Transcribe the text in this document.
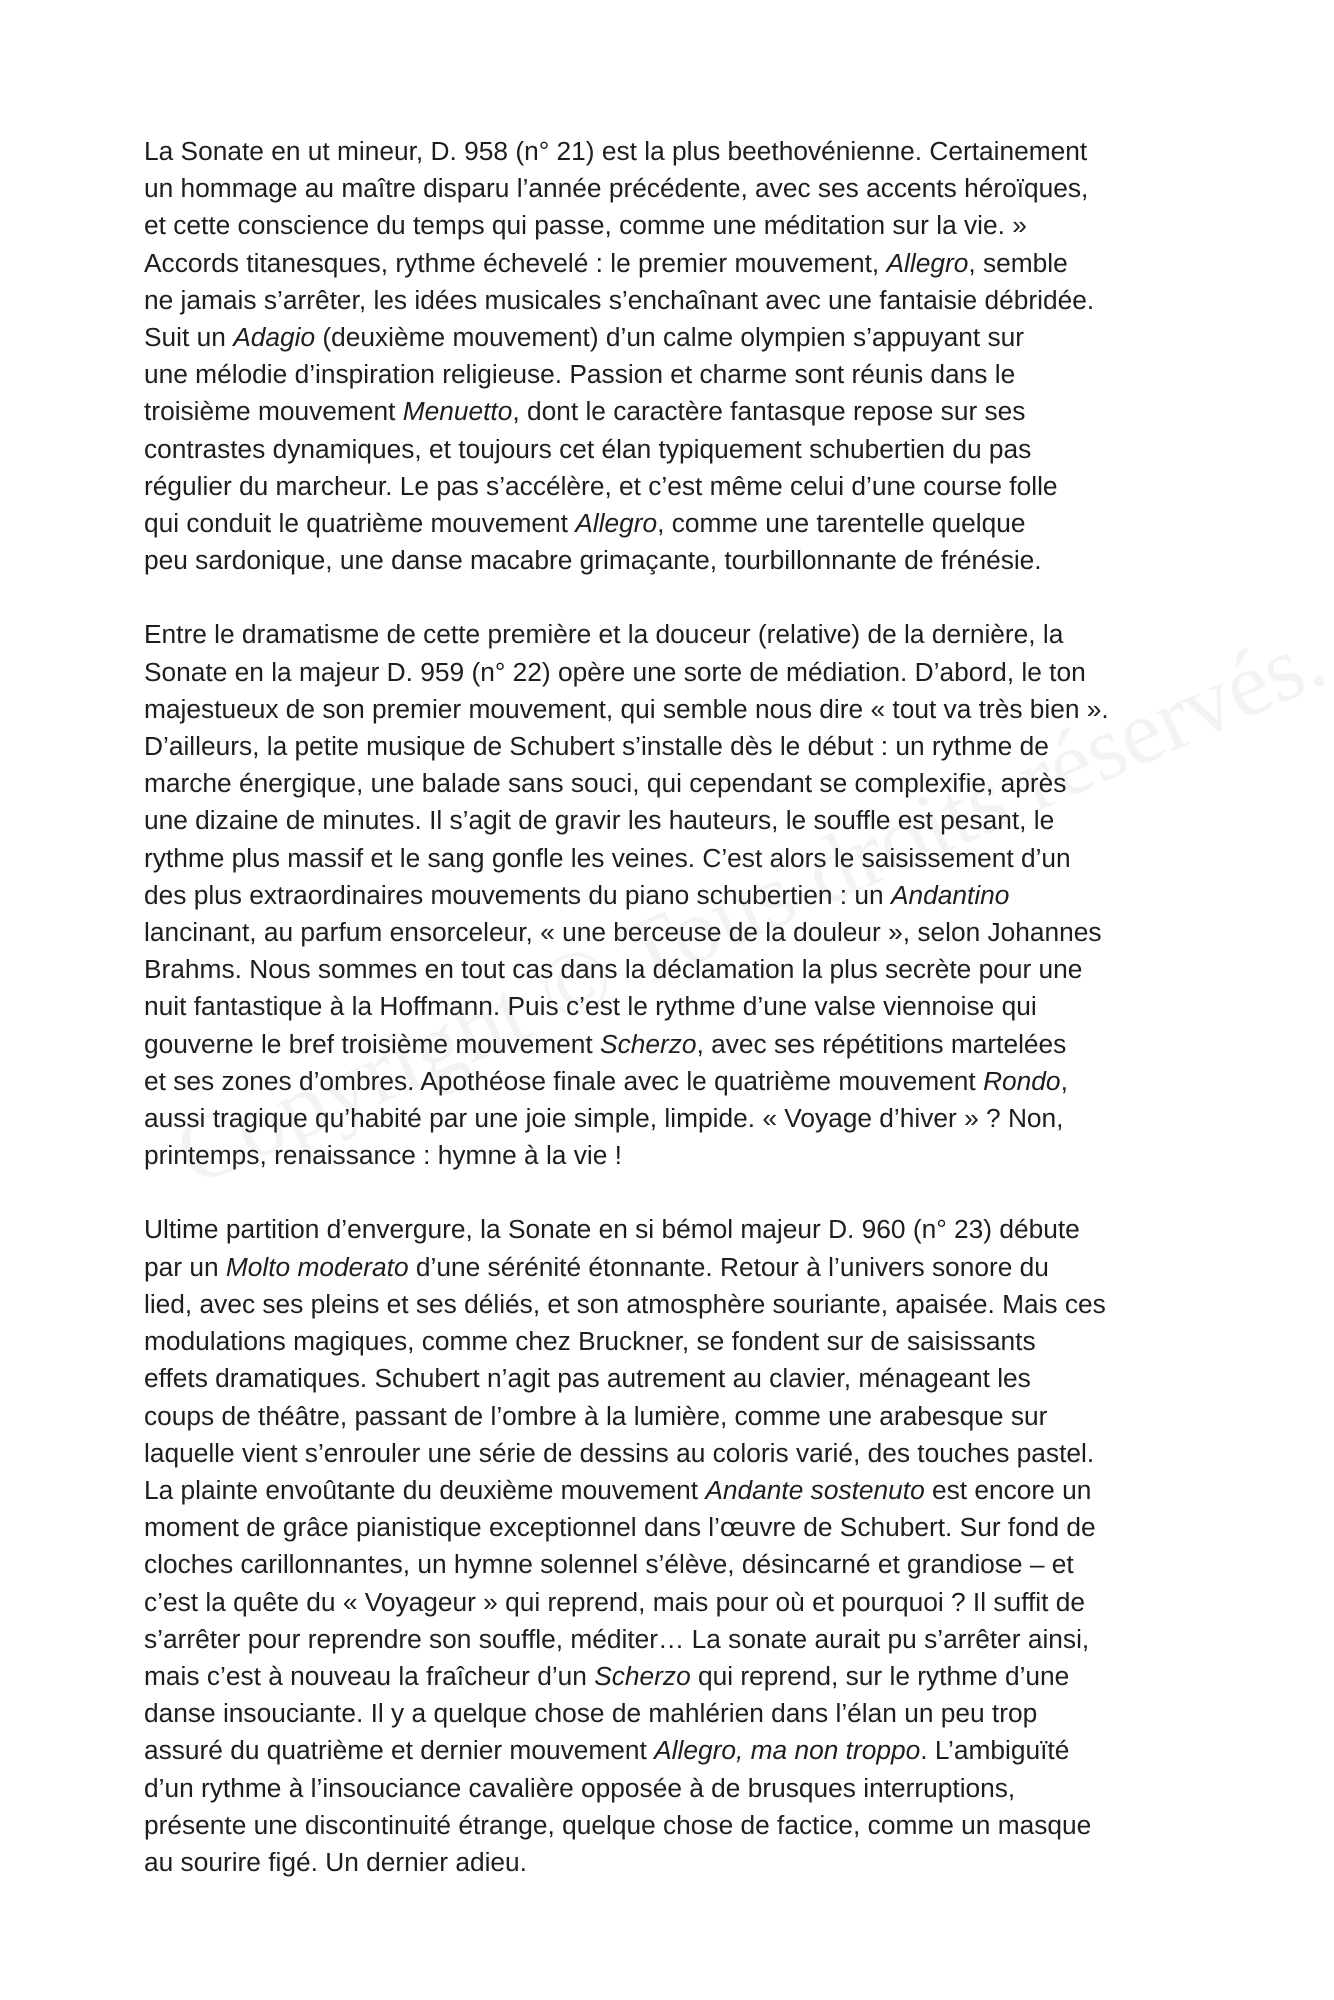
La Sonate en ut mineur, D. 958 (n° 21) est la plus beethovénienne. Certainement
un hommage au maître disparu l’année précédente, avec ses accents héroïques,
et cette conscience du temps qui passe, comme une méditation sur la vie. »
Accords titanesques, rythme échevelé : le premier mouvement, Allegro, semble
ne jamais s’arrêter, les idées musicales s’enchaînant avec une fantaisie débridée.
Suit un Adagio (deuxième mouvement) d’un calme olympien s’appuyant sur
une mélodie d’inspiration religieuse. Passion et charme sont réunis dans le
troisième mouvement Menuetto, dont le caractère fantasque repose sur ses
contrastes dynamiques, et toujours cet élan typiquement schubertien du pas
régulier du marcheur. Le pas s’accélère, et c’est même celui d’une course folle
qui conduit le quatrième mouvement Allegro, comme une tarentelle quelque
peu sardonique, une danse macabre grimaçante, tourbillonnante de frénésie.

Entre le dramatisme de cette première et la douceur (relative) de la dernière, la
Sonate en la majeur D. 959 (n° 22) opère une sorte de médiation. D’abord, le ton
majestueux de son premier mouvement, qui semble nous dire « tout va très bien ».
D’ailleurs, la petite musique de Schubert s’installe dès le début : un rythme de
marche énergique, une balade sans souci, qui cependant se complexifie, après
une dizaine de minutes. Il s’agit de gravir les hauteurs, le souffle est pesant, le
rythme plus massif et le sang gonfle les veines. C’est alors le saisissement d’un
des plus extraordinaires mouvements du piano schubertien : un Andantino
lancinant, au parfum ensorceleur, « une berceuse de la douleur », selon Johannes
Brahms. Nous sommes en tout cas dans la déclamation la plus secrète pour une
nuit fantastique à la Hoffmann. Puis c’est le rythme d’une valse viennoise qui
gouverne le bref troisième mouvement Scherzo, avec ses répétitions martelées
et ses zones d’ombres. Apothéose finale avec le quatrième mouvement Rondo,
aussi tragique qu’habité par une joie simple, limpide. « Voyage d’hiver » ? Non,
printemps, renaissance : hymne à la vie !

Ultime partition d’envergure, la Sonate en si bémol majeur D. 960 (n° 23) débute
par un Molto moderato d’une sérénité étonnante. Retour à l’univers sonore du
lied, avec ses pleins et ses déliés, et son atmosphère souriante, apaisée. Mais ces
modulations magiques, comme chez Bruckner, se fondent sur de saisissants
effets dramatiques. Schubert n’agit pas autrement au clavier, ménageant les
coups de théâtre, passant de l’ombre à la lumière, comme une arabesque sur
laquelle vient s’enrouler une série de dessins au coloris varié, des touches pastel.
La plainte envoûtante du deuxième mouvement Andante sostenuto est encore un
moment de grâce pianistique exceptionnel dans l’œuvre de Schubert. Sur fond de
cloches carillonnantes, un hymne solennel s’élève, désincarné et grandiose – et
c’est la quête du « Voyageur » qui reprend, mais pour où et pourquoi ? Il suffit de
s’arrêter pour reprendre son souffle, méditer… La sonate aurait pu s’arrêter ainsi,
mais c’est à nouveau la fraîcheur d’un Scherzo qui reprend, sur le rythme d’une
danse insouciante. Il y a quelque chose de mahlérien dans l’élan un peu trop
assuré du quatrième et dernier mouvement Allegro, ma non troppo. L’ambiguïté
d’un rythme à l’insouciance cavalière opposée à de brusques interruptions,
présente une discontinuité étrange, quelque chose de factice, comme un masque
au sourire figé. Un dernier adieu.
